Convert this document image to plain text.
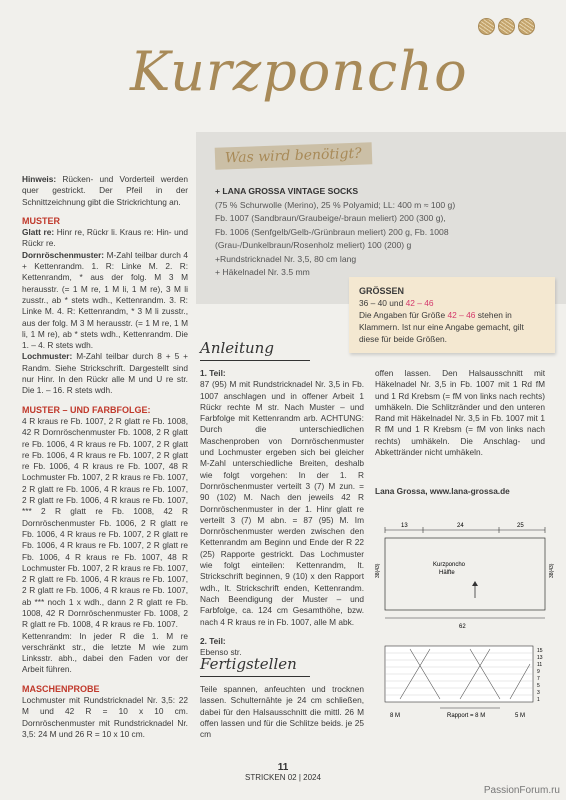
Kurzponcho

Hinweis: Rücken- und Vorderteil werden quer gestrickt. Der Pfeil in der Schnittzeichnung gibt die Strickrichtung an.

MUSTER

Glatt re: Hinr re, Rückr li. Kraus re: Hin- und Rückr re.

Dornröschenmuster: M-Zahl teilbar durch 4 + Kettenrandm. 1. R: Linke M. 2. R: Kettenrandm, * aus der folg. M 3 M herausstr. (= 1 M re, 1 M li, 1 M re), 3 M li zusstr., ab * stets wdh., Kettenrandm. 3. R: Linke M. 4. R: Kettenrandm, * 3 M li zusstr., aus der folg. M 3 M herausstr. (= 1 M re, 1 M li, 1 M re), ab * stets wdh., Kettenrandm. Die 1. – 4. R stets wdh.

Lochmuster: M-Zahl teilbar durch 8 + 5 + Randm. Siehe Strickschrift. Dargestellt sind nur Hinr. In den Rückr alle M und U re str. Die 1. – 16. R stets wdh.

MUSTER – UND FARBFOLGE:

4 R kraus re Fb. 1007, 2 R glatt re Fb. 1008, 42 R Dornröschenmuster Fb. 1008, 2 R glatt re Fb. 1006, 4 R kraus re Fb. 1007, 2 R glatt re Fb. 1006, 4 R kraus re Fb. 1007, 2 R glatt re Fb. 1006, 4 R kraus re Fb. 1007, 48 R Lochmuster Fb. 1007, 2 R kraus re Fb. 1007, 2 R glatt re Fb. 1006, 4 R kraus re Fb. 1007, 2 R glatt re Fb. 1006, 4 R kraus re Fb. 1007, *** 2 R glatt re Fb. 1008, 42 R Dornröschenmuster Fb. 1006, 2 R glatt re Fb. 1006, 4 R kraus re Fb. 1007, 2 R glatt re Fb. 1006, 4 R kraus re Fb. 1007, 2 R glatt re Fb. 1006, 4 R kraus re Fb. 1007, 48 R Lochmuster Fb. 1007, 2 R kraus re Fb. 1007, 2 R glatt re Fb. 1006, 4 R kraus re Fb. 1007, 2 R glatt re Fb. 1006, 4 R kraus re Fb. 1007, ab *** noch 1 x wdh., dann 2 R glatt re Fb. 1008, 42 R Dornröschenmuster Fb. 1008, 2 R glatt re Fb. 1008, 4 R kraus re Fb. 1007.

Kettenrandm: In jeder R die 1. M re verschränkt str., die letzte M wie zum Linksstr. abh., dabei den Faden vor der Arbeit führen.

MASCHENPROBE

Lochmuster mit Rundstricknadel Nr. 3,5: 22 M und 42 R = 10 x 10 cm. Dornröschenmuster mit Rundstricknadel Nr. 3,5: 24 M und 26 R = 10 x 10 cm.

Was wird benötigt?
+ LANA GROSSA VINTAGE SOCKS
(75 % Schurwolle (Merino), 25 % Polyamid; LL: 400 m ≈ 100 g)
Fb. 1007 (Sandbraun/Graubeige/-braun meliert) 200 (300 g),
Fb. 1006 (Senfgelb/Gelb-/Grünbraun meliert) 200 g, Fb. 1008
(Grau-/Dunkelbraun/Rosenholz meliert) 100 (200) g
+Rundstricknadel Nr. 3,5, 80 cm lang
+ Häkelnadel Nr. 3.5 mm
GRÖSSEN
36 – 40 und 42 – 46
Die Angaben für Größe 42 – 46 stehen in Klammern. Ist nur eine Angabe gemacht, gilt diese für beide Größen.
Anleitung

1. Teil:

87 (95) M mit Rundstricknadel Nr. 3,5 in Fb. 1007 anschlagen und in offener Arbeit 1 Rückr rechte M str. Nach Muster – und Farbfolge mit Kettenrandm arb. ACHTUNG: Durch die unterschiedlichen Maschenproben von Dornröschenmuster und Lochmuster ergeben sich bei gleicher M-Zahl unterschiedliche Breiten, deshalb wie folgt vorgehen: In der 1. R Dornröschenmuster verteilt 3 (7) M zun. = 90 (102) M. Nach den jeweils 42 R Dornröschenmuster in der 1. Hinr glatt re verteilt 3 (7) M abn. = 87 (95) M. Im Dornröschenmuster werden zwischen den Kettenrandm am Beginn und Ende der R 22 (25) Rapporte gestrickt. Das Lochmuster wie folgt einteilen: Kettenrandm, lt. Strickschrift beginnen, 9 (10) x den Rapport wdh., lt. Strickschrift enden, Kettenrandm. Nach Beendigung der Muster – und Farbfolge, ca. 124 cm Gesamthöhe, bzw. nach 4 R kraus re in Fb. 1007, alle M abk.

2. Teil:

Ebenso str.

Fertigstellen
Teile spannen, anfeuchten und trocknen lassen. Schulternähte je 24 cm schließen, dabei für den Halsausschnitt die mittl. 26 M offen lassen und für die Schlitze beids. je 25 cm
offen lassen. Den Halsausschnitt mit Häkelnadel Nr. 3,5 in Fb. 1007 mit 1 Rd fM und 1 Rd Krebsm (= fM von links nach rechts) umhäkeln. Die Schlitzränder und den unteren Rand mit Häkelnadel Nr. 3,5 in Fb. 1007 mit 1 R fM und 1 R Krebsm (= fM von links nach rechts) umhäkeln. Die Anschlag- und Abkettränder nicht umhäkeln.
Lana Grossa, www.lana-grossa.de
13	24	25
Kurzponcho
Hälfte
38(43)	38(43)
62
15
13
11
9
7
5
3
1
8 M	Rapport = 8 M	5 M
11
STRICKEN 02 | 2024
PassionForum.ru
